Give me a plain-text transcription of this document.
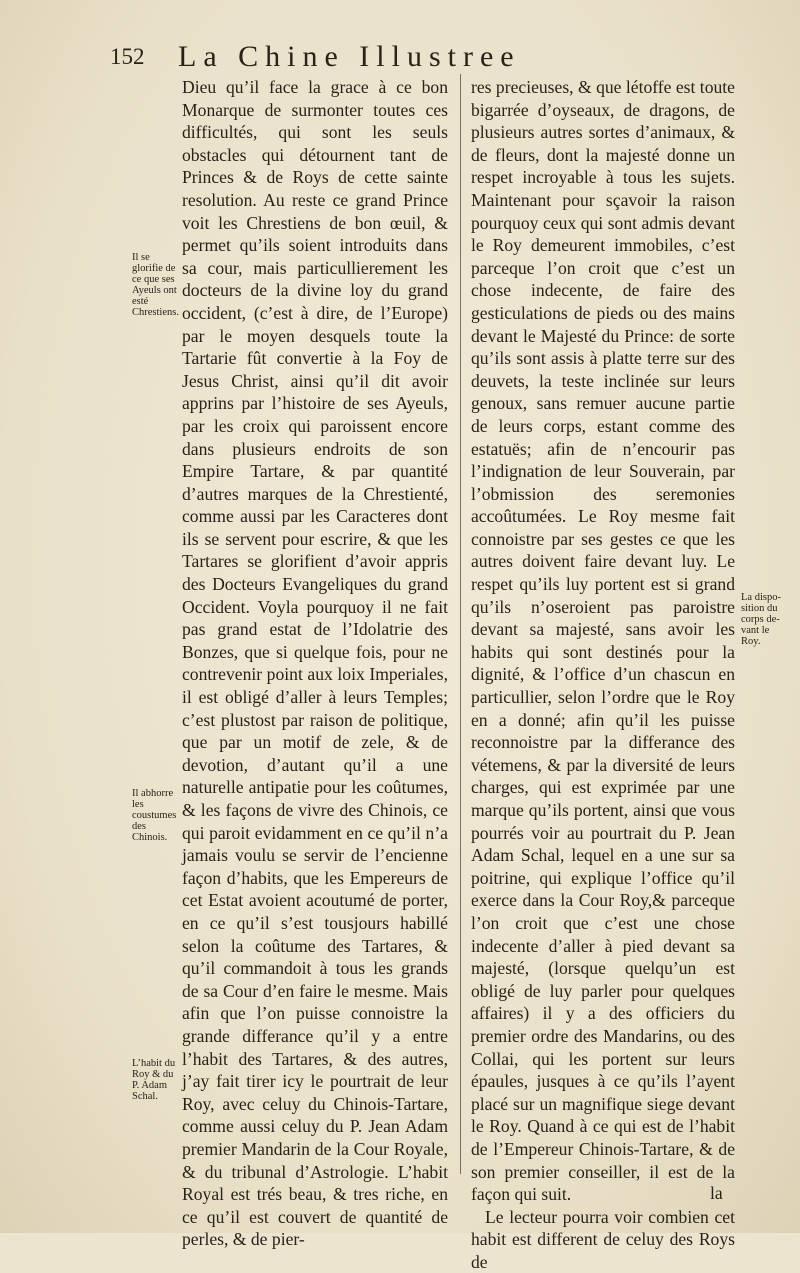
152 La Chine Illustree

Dieu qu’il face la grace à ce bon Monarque de surmonter toutes ces difficultés, qui sont les seuls obstacles qui détournent tant de Princes & de Roys de cette sainte resolution. Au reste ce grand Prince voit les Chrestiens de bon œuil, & permet qu’ils soient introduits dans sa cour, mais particullierement les docteurs de la divine loy du grand occident, (c’est à dire, de l’Europe) par le moyen desquels toute la Tartarie fût convertie à la Foy de Jesus Christ, ainsi qu’il dit avoir apprins par l’histoire de ses Ayeuls, par les croix qui paroissent encore dans plusieurs endroits de son Empire Tartare, & par quantité d’autres marques de la Chrestienté, comme aussi par les Caracteres dont ils se servent pour escrire, & que les Tartares se glorifient d’avoir appris des Docteurs Evangeliques du grand Occident. Voyla pourquoy il ne fait pas grand estat de l’Idolatrie des Bonzes, que si quelque fois, pour ne contrevenir point aux loix Imperiales, il est obligé d’aller à leurs Temples; c’est plustost par raison de politique, que par un motif de zele, & de devotion, d’autant qu’il a une naturelle antipatie pour les coûtumes, & les façons de vivre des Chinois, ce qui paroit evidamment en ce qu’il n’a jamais voulu se servir de l’encienne façon d’habits, que les Empereurs de cet Estat avoient acoutumé de porter, en ce qu’il s’est tousjours habillé selon la coûtume des Tartares, & qu’il commandoit à tous les grands de sa Cour d’en faire le mesme. Mais afin que l’on puisse connoistre la grande differance qu’il y a entre l’habit des Tartares, & des autres, j’ay fait tirer icy le pourtrait de leur Roy, avec celuy du Chinois-Tartare, comme aussi celuy du P. Jean Adam premier Mandarin de la Cour Royale, & du tribunal d’Astrologie. L’habit Royal est trés beau, & tres riche, en ce qu’il est couvert de quantité de perles, & de pier-

res precieuses, & que létoffe est toute bigarrée d’oyseaux, de dragons, de plusieurs autres sortes d’animaux, & de fleurs, dont la majesté donne un respet incroyable à tous les sujets. Maintenant pour sçavoir la raison pourquoy ceux qui sont admis devant le Roy demeurent immobiles, c’est parceque l’on croit que c’est un chose indecente, de faire des gesticulations de pieds ou des mains devant le Majesté du Prince: de sorte qu’ils sont assis à platte terre sur des deuvets, la teste inclinée sur leurs genoux, sans remuer aucune partie de leurs corps, estant comme des estatuës; afin de n’encourir pas l’indignation de leur Souverain, par l’obmission des seremonies accoûtumées. Le Roy mesme fait connoistre par ses gestes ce que les autres doivent faire devant luy. Le respet qu’ils luy portent est si grand qu’ils n’oseroient pas paroistre devant sa majesté, sans avoir les habits qui sont destinés pour la dignité, & l’office d’un chascun en particullier, selon l’ordre que le Roy en a donné; afin qu’il les puisse reconnoistre par la differance des vétemens, & par la diversité de leurs charges, qui est exprimée par une marque qu’ils portent, ainsi que vous pourrés voir au pourtrait du P. Jean Adam Schal, lequel en a une sur sa poitrine, qui explique l’office qu’il exerce dans la Cour Roy,& parceque l’on croit que c’est une chose indecente d’aller à pied devant sa majesté, (lorsque quelqu’un est obligé de luy parler pour quelques affaires) il y a des officiers du premier ordre des Mandarins, ou des Collai, qui les portent sur leurs épaules, jusques à ce qu’ils l’ayent placé sur un magnifique siege devant le Roy. Quand à ce qui est de l’habit de l’Empereur Chinois-Tartare, & de son premier conseiller, il est de la façon qui suit.

Le lecteur pourra voir combien cet habit est different de celuy des Roys de

la
Il se glorifie de ce que ses Ayeuls ont esté Chrestiens.
Il abhorre les coustumes des Chinois.
L’habit du Roy & du P. Adam Schal.
La dispo-sition du corps de-vant le Roy.
